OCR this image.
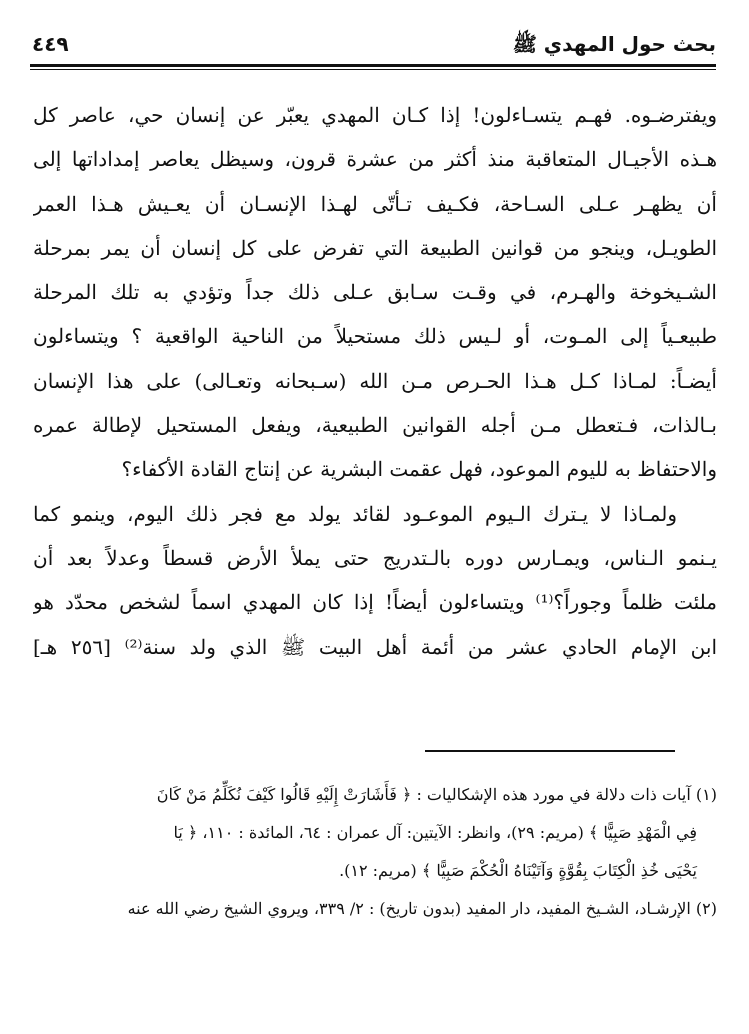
بحث حول المهدي ﷺ
٤٤٩

ويفترضـوه. فهـم يتسـاءلون! إذا كـان المهدي يعبّر عن إنسان حي، عاصر كل
هـذه الأجيـال المتعاقبة منذ أكثر من عشرة قرون، وسيظل يعاصر إمداداتها إلى
أن يظهـر عـلى السـاحة، فكـيف تـأتّى لهـذا الإنسـان أن يعـيش هـذا العمر
الطويـل، وينجو من قوانين الطبيعة التي تفرض على كل إنسان أن يمر بمرحلة
الشـيخوخة والهـرم، في وقـت سـابق عـلى ذلك جداً وتؤدي به تلك المرحلة
طبيعـياً إلى المـوت، أو لـيس ذلك مستحيلاً من الناحية الواقعية ؟ ويتساءلون
أيضـاً: لمـاذا كـل هـذا الحـرص مـن الله (سـبحانه وتعـالى) على هذا الإنسان
بـالذات، فـتعطل مـن أجله القوانين الطبيعية، ويفعل المستحيل لإطالة عمره
والاحتفاظ به لليوم الموعود، فهل عقمت البشرية عن إنتاج القادة الأكفاء؟

ولمـاذا لا يـترك الـيوم الموعـود لقائد يولد مع فجر ذلك اليوم، وينمو كما
يـنمو الـناس، ويمـارس دوره بالـتدريج حتى يملأ الأرض قسطاً وعدلاً بعد أن
ملئت ظلماً وجوراً؟⁽¹⁾ ويتساءلون أيضاً! إذا كان المهدي اسماً لشخص محدّد هو
ابن الإمام الحادي عشر من أئمة أهل البيت ﷺ الذي ولد سنة⁽²⁾ [٢٥٦ هـ]

(١) آيات ذات دلالة في مورد هذه الإشكاليات : ﴿ فَأَشَارَتْ إِلَيْهِ قَالُوا كَيْفَ نُكَلِّمُ مَنْ كَانَ
فِي الْمَهْدِ صَبِيًّا ﴾ (مريم: ٢٩)، وانظر: الآيتين: آل عمران : ٦٤، المائدة : ١١٠، ﴿ يَا
يَحْيَى خُذِ الْكِتَابَ بِقُوَّةٍ وَآتَيْنَاهُ الْحُكْمَ صَبِيًّا ﴾ (مريم: ١٢).
(٢) الإرشـاد، الشـيخ المفيد، دار المفيد (بدون تاريخ) : ٢/ ٣٣٩، ويروي الشيخ رضي الله عنه
